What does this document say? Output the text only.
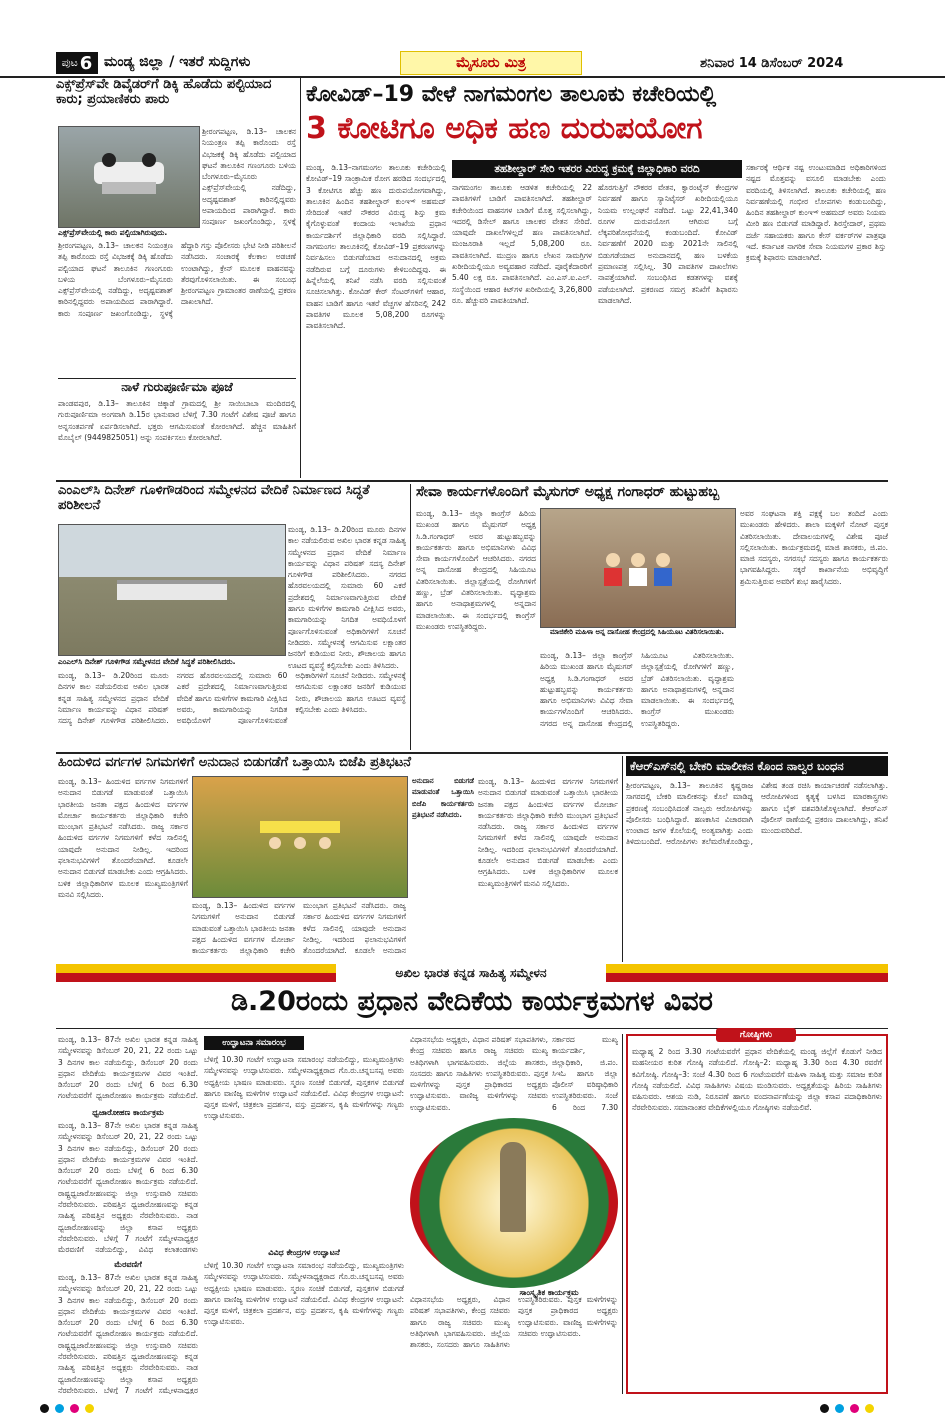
ಪುಟ 6 ಮಂಡ್ಯ ಜಿಲ್ಲಾ / ಇತರೆ ಸುದ್ದಿಗಳು	ಮೈಸೂರು ಮಿತ್ರ	ಶನಿವಾರ 14 ಡಿಸೆಂಬರ್ 2024
ಎಕ್ಸ್‌ಪ್ರೆಸ್‌ವೇ ಡಿವೈಡರ್‌ಗೆ ಡಿಕ್ಕಿ ಹೊಡೆದು ಪಲ್ಟಿಯಾದ ಕಾರು; ಪ್ರಯಾಣಿಕರು ಪಾರು
ಶ್ರೀರಂಗಪಟ್ಟಣ, ಡಿ.13– ಚಾಲಕನ ನಿಯಂತ್ರಣ ತಪ್ಪಿ ಕಾರೊಂದು ರಸ್ತೆ ವಿಭಜಕಕ್ಕೆ ಡಿಕ್ಕಿ ಹೊಡೆದು ಪಲ್ಟಿಯಾದ ಘಟನೆ ತಾಲೂಕಿನ ಗಣಂಗೂರು ಬಳಿಯ ಬೆಂಗಳೂರು–ಮೈಸೂರು ಎಕ್ಸ್‌ಪ್ರೆಸ್‌ವೇಯಲ್ಲಿ ನಡೆದಿದ್ದು, ಅದೃಷ್ಟವಶಾತ್ ಕಾರಿನಲ್ಲಿದ್ದವರು ಅಪಾಯದಿಂದ ಪಾರಾಗಿದ್ದಾರೆ. ಕಾರು ಸಂಪೂರ್ಣ ಜಖಂಗೊಂಡಿದ್ದು, ಸ್ಥಳಕ್ಕೆ
ಎಕ್ಸ್‌ಪ್ರೆಸ್‌ವೇಯಲ್ಲಿ ಕಾರು ಪಲ್ಟಿಯಾಗಿರುವುದು.
ಶ್ರೀರಂಗಪಟ್ಟಣ, ಡಿ.13– ಚಾಲಕನ ನಿಯಂತ್ರಣ ತಪ್ಪಿ ಕಾರೊಂದು ರಸ್ತೆ ವಿಭಜಕಕ್ಕೆ ಡಿಕ್ಕಿ ಹೊಡೆದು ಪಲ್ಟಿಯಾದ ಘಟನೆ ತಾಲೂಕಿನ ಗಣಂಗೂರು ಬಳಿಯ ಬೆಂಗಳೂರು–ಮೈಸೂರು ಎಕ್ಸ್‌ಪ್ರೆಸ್‌ವೇಯಲ್ಲಿ ನಡೆದಿದ್ದು, ಅದೃಷ್ಟವಶಾತ್ ಕಾರಿನಲ್ಲಿದ್ದವರು ಅಪಾಯದಿಂದ ಪಾರಾಗಿದ್ದಾರೆ. ಕಾರು ಸಂಪೂರ್ಣ ಜಖಂಗೊಂಡಿದ್ದು, ಸ್ಥಳಕ್ಕೆ ಹೆದ್ದಾರಿ ಗಸ್ತು ಪೊಲೀಸರು ಭೇಟಿ ನೀಡಿ ಪರಿಶೀಲನೆ ನಡೆಸಿದರು. ಸಂಚಾರಕ್ಕೆ ಕೆಲಕಾಲ ಅಡಚಣೆ ಉಂಟಾಗಿದ್ದು, ಕ್ರೇನ್ ಮೂಲಕ ವಾಹನವನ್ನು ತೆರವುಗೊಳಿಸಲಾಯಿತು. ಈ ಸಂಬಂಧ ಶ್ರೀರಂಗಪಟ್ಟಣ ಗ್ರಾಮಾಂತರ ಠಾಣೆಯಲ್ಲಿ ಪ್ರಕರಣ ದಾಖಲಾಗಿದೆ.
ನಾಳೆ ಗುರುಪೂರ್ಣಿಮಾ ಪೂಜೆ
ಪಾಂಡವಪುರ, ಡಿ.13– ತಾಲೂಕಿನ ಚಿಕ್ಕಾಡೆ ಗ್ರಾಮದಲ್ಲಿ ಶ್ರೀ ಸಾಯಿಬಾಬಾ ಮಂದಿರದಲ್ಲಿ ಗುರುಪೂರ್ಣಿಮಾ ಅಂಗವಾಗಿ ಡಿ.15ರ ಭಾನುವಾರ ಬೆಳಿಗ್ಗೆ 7.30 ಗಂಟೆಗೆ ವಿಶೇಷ ಪೂಜೆ ಹಾಗೂ ಅನ್ನಸಂತರ್ಪಣೆ ಏರ್ಪಡಿಸಲಾಗಿದೆ. ಭಕ್ತರು ಆಗಮಿಸುವಂತೆ ಕೋರಲಾಗಿದೆ. ಹೆಚ್ಚಿನ ಮಾಹಿತಿಗೆ ಮೊಬೈಲ್ (9449825051) ಅನ್ನು ಸಂಪರ್ಕಿಸಲು ಕೋರಲಾಗಿದೆ.
ಕೋವಿಡ್–19 ವೇಳೆ ನಾಗಮಂಗಲ ತಾಲೂಕು ಕಚೇರಿಯಲ್ಲಿ
3 ಕೋಟಿಗೂ ಅಧಿಕ ಹಣ ದುರುಪಯೋಗ
ತಹಶೀಲ್ದಾರ್ ಸೇರಿ ಇತರರ ವಿರುದ್ಧ ಕ್ರಮಕ್ಕೆ ಜಿಲ್ಲಾಧಿಕಾರಿ ವರದಿ
ಮಂಡ್ಯ, ಡಿ.13–ನಾಗಮಂಗಲ ತಾಲೂಕು ಕಚೇರಿಯಲ್ಲಿ ಕೋವಿಡ್–19 ಸಾಂಕ್ರಾಮಿಕ ರೋಗ ಹರಡಿದ ಸಂದರ್ಭದಲ್ಲಿ 3 ಕೋಟಿಗೂ ಹೆಚ್ಚು ಹಣ ದುರುಪಯೋಗವಾಗಿದ್ದು, ತಾಲೂಕಿನ ಹಿಂದಿನ ತಹಶೀಲ್ದಾರ್ ಕುಂಞ್ ಅಹಮದ್ ಸೇರಿದಂತೆ ಇತರೆ ನೌಕರರ ವಿರುದ್ಧ ಶಿಸ್ತು ಕ್ರಮ ಕೈಗೊಳ್ಳುವಂತೆ ಕಂದಾಯ ಇಲಾಖೆಯ ಪ್ರಧಾನ ಕಾರ್ಯದರ್ಶಿಗೆ ಜಿಲ್ಲಾಧಿಕಾರಿ ವರದಿ ಸಲ್ಲಿಸಿದ್ದಾರೆ. ನಾಗಮಂಗಲ ತಾಲೂಕಿನಲ್ಲಿ ಕೋವಿಡ್–19 ಪ್ರಕರಣಗಳನ್ನು ನಿರ್ವಹಿಸಲು ಬಿಡುಗಡೆಯಾದ ಅನುದಾನದಲ್ಲಿ ಅಕ್ರಮ ನಡೆದಿರುವ ಬಗ್ಗೆ ದೂರುಗಳು ಕೇಳಿಬಂದಿದ್ದವು. ಈ ಹಿನ್ನೆಲೆಯಲ್ಲಿ ತನಿಖೆ ನಡೆಸಿ ವರದಿ ಸಲ್ಲಿಸುವಂತೆ ಸೂಚಿಸಲಾಗಿತ್ತು. ಕೋವಿಡ್ ಕೇರ್ ಸೆಂಟರ್‌ಗಳಿಗೆ ಆಹಾರ, ವಾಹನ ಬಾಡಿಗೆ ಹಾಗೂ ಇತರೆ ವೆಚ್ಚಗಳ ಹೆಸರಿನಲ್ಲಿ 242 ಪಾವತಿಗಳ ಮೂಲಕ 5,08,200 ರೂಗಳನ್ನು ಪಾವತಿಸಲಾಗಿದೆ.
ನಾಗಮಂಗಲ ತಾಲೂಕು ಆಡಳಿತ ಕಚೇರಿಯಲ್ಲಿ 22 ಪಾವತಿಗಳಿಗೆ ಬಾಡಿಗೆ ಪಾವತಿಸಲಾಗಿದೆ. ತಹಶೀಲ್ದಾರ್ ಕಚೇರಿಯಿಂದ ವಾಹನಗಳ ಬಾಡಿಗೆ ಮೊತ್ತ ಸಲ್ಲಿಸಲಾಗಿದ್ದು, ಇದರಲ್ಲಿ ಡಿಸೇಲ್ ಹಾಗೂ ಚಾಲಕರ ವೇತನ ಸೇರಿದೆ. ಯಾವುದೇ ದಾಖಲೆಗಳಿಲ್ಲದೆ ಹಣ ಪಾವತಿಸಲಾಗಿದೆ. ಮಂಜೂರಾತಿ ಇಲ್ಲದೆ 5,08,200 ರೂ. ಪಾವತಿಸಲಾಗಿದೆ. ಮುದ್ರಣ ಹಾಗೂ ಲೇಖನ ಸಾಮಗ್ರಿಗಳ ಖರೀದಿಯಲ್ಲಿಯೂ ಅವ್ಯವಹಾರ ನಡೆದಿದೆ. ಪೂರೈಕೆದಾರರಿಗೆ 5.40 ಲಕ್ಷ ರೂ. ಪಾವತಿಸಲಾಗಿದೆ. ಎಂ.ಎಸ್.ಐ.ಎಲ್. ಸಂಸ್ಥೆಯಿಂದ ಆಹಾರ ಕಿಟ್‌ಗಳ ಖರೀದಿಯಲ್ಲಿ 3,26,800 ರೂ. ಹೆಚ್ಚುವರಿ ಪಾವತಿಯಾಗಿದೆ.
ಹೊರಗುತ್ತಿಗೆ ನೌಕರರ ವೇತನ, ಕ್ವಾರಂಟೈನ್ ಕೇಂದ್ರಗಳ ನಿರ್ವಹಣೆ ಹಾಗೂ ಸ್ಯಾನಿಟೈಸರ್ ಖರೀದಿಯಲ್ಲಿಯೂ ನಿಯಮ ಉಲ್ಲಂಘನೆ ನಡೆದಿದೆ. ಒಟ್ಟು 22,41,340 ರೂಗಳ ದುರುಪಯೋಗ ಆಗಿರುವ ಬಗ್ಗೆ ಲೆಕ್ಕಪರಿಶೋಧನೆಯಲ್ಲಿ ಕಂಡುಬಂದಿದೆ. ಕೋವಿಡ್ ನಿರ್ವಹಣೆಗೆ 2020 ಮತ್ತು 2021ನೇ ಸಾಲಿನಲ್ಲಿ ಬಿಡುಗಡೆಯಾದ ಅನುದಾನದಲ್ಲಿ ಹಣ ಬಳಕೆಯ ಪ್ರಮಾಣಪತ್ರ ಸಲ್ಲಿಸಿಲ್ಲ. 30 ಪಾವತಿಗಳ ದಾಖಲೆಗಳು ನಾಪತ್ತೆಯಾಗಿವೆ. ಸಂಬಂಧಿಸಿದ ಕಡತಗಳನ್ನು ವಶಕ್ಕೆ ಪಡೆಯಲಾಗಿದೆ. ಪ್ರಕರಣದ ಸಮಗ್ರ ತನಿಖೆಗೆ ಶಿಫಾರಸು ಮಾಡಲಾಗಿದೆ.
ಸರ್ಕಾರಕ್ಕೆ ಆರ್ಥಿಕ ನಷ್ಟ ಉಂಟುಮಾಡಿದ ಅಧಿಕಾರಿಗಳಿಂದ ನಷ್ಟದ ಮೊತ್ತವನ್ನು ವಸೂಲಿ ಮಾಡಬೇಕು ಎಂದು ವರದಿಯಲ್ಲಿ ತಿಳಿಸಲಾಗಿದೆ. ತಾಲೂಕು ಕಚೇರಿಯಲ್ಲಿ ಹಣ ನಿರ್ವಹಣೆಯಲ್ಲಿ ಗಂಭೀರ ಲೋಪಗಳು ಕಂಡುಬಂದಿದ್ದು, ಹಿಂದಿನ ತಹಶೀಲ್ದಾರ್ ಕುಂಞ್ ಅಹಮದ್ ಅವರು ನಿಯಮ ಮೀರಿ ಹಣ ಬಿಡುಗಡೆ ಮಾಡಿದ್ದಾರೆ. ಶಿರಸ್ತೇದಾರ್, ಪ್ರಥಮ ದರ್ಜೆ ಸಹಾಯಕರು ಹಾಗೂ ಕೇಸ್ ವರ್ಕರ್‌ಗಳ ಪಾತ್ರವೂ ಇದೆ. ಕರ್ನಾಟಕ ನಾಗರಿಕ ಸೇವಾ ನಿಯಮಗಳ ಪ್ರಕಾರ ಶಿಸ್ತು ಕ್ರಮಕ್ಕೆ ಶಿಫಾರಸು ಮಾಡಲಾಗಿದೆ.
ಎಂಎಲ್‌ಸಿ ದಿನೇಶ್ ಗೂಳಿಗೌಡರಿಂದ ಸಮ್ಮೇಳನದ ವೇದಿಕೆ ನಿರ್ಮಾಣದ ಸಿದ್ಧತೆ ಪರಿಶೀಲನೆ
ಮಂಡ್ಯ, ಡಿ.13– ಡಿ.20ರಿಂದ ಮೂರು ದಿನಗಳ ಕಾಲ ನಡೆಯಲಿರುವ ಅಖಿಲ ಭಾರತ ಕನ್ನಡ ಸಾಹಿತ್ಯ ಸಮ್ಮೇಳನದ ಪ್ರಧಾನ ವೇದಿಕೆ ನಿರ್ಮಾಣ ಕಾರ್ಯವನ್ನು ವಿಧಾನ ಪರಿಷತ್ ಸದಸ್ಯ ದಿನೇಶ್ ಗೂಳಿಗೌಡ ಪರಿಶೀಲಿಸಿದರು. ನಗರದ ಹೊರವಲಯದಲ್ಲಿ ಸುಮಾರು 60 ಎಕರೆ ಪ್ರದೇಶದಲ್ಲಿ ನಿರ್ಮಾಣವಾಗುತ್ತಿರುವ ವೇದಿಕೆ ಹಾಗೂ ಮಳಿಗೆಗಳ ಕಾಮಗಾರಿ ವೀಕ್ಷಿಸಿದ ಅವರು, ಕಾಮಗಾರಿಯನ್ನು ನಿಗದಿತ ಅವಧಿಯೊಳಗೆ ಪೂರ್ಣಗೊಳಿಸುವಂತೆ ಅಧಿಕಾರಿಗಳಿಗೆ ಸೂಚನೆ ನೀಡಿದರು. ಸಮ್ಮೇಳನಕ್ಕೆ ಆಗಮಿಸುವ ಲಕ್ಷಾಂತರ ಜನರಿಗೆ ಕುಡಿಯುವ ನೀರು, ಶೌಚಾಲಯ ಹಾಗೂ ಊಟದ ವ್ಯವಸ್ಥೆ ಕಲ್ಪಿಸಬೇಕು ಎಂದು ತಿಳಿಸಿದರು.
ಎಂಎಲ್‌ಸಿ ದಿನೇಶ್ ಗೂಳಿಗೌಡ ಸಮ್ಮೇಳನದ ವೇದಿಕೆ ಸಿದ್ಧತೆ ಪರಿಶೀಲಿಸಿದರು.
ಮಂಡ್ಯ, ಡಿ.13– ಡಿ.20ರಿಂದ ಮೂರು ದಿನಗಳ ಕಾಲ ನಡೆಯಲಿರುವ ಅಖಿಲ ಭಾರತ ಕನ್ನಡ ಸಾಹಿತ್ಯ ಸಮ್ಮೇಳನದ ಪ್ರಧಾನ ವೇದಿಕೆ ನಿರ್ಮಾಣ ಕಾರ್ಯವನ್ನು ವಿಧಾನ ಪರಿಷತ್ ಸದಸ್ಯ ದಿನೇಶ್ ಗೂಳಿಗೌಡ ಪರಿಶೀಲಿಸಿದರು. ನಗರದ ಹೊರವಲಯದಲ್ಲಿ ಸುಮಾರು 60 ಎಕರೆ ಪ್ರದೇಶದಲ್ಲಿ ನಿರ್ಮಾಣವಾಗುತ್ತಿರುವ ವೇದಿಕೆ ಹಾಗೂ ಮಳಿಗೆಗಳ ಕಾಮಗಾರಿ ವೀಕ್ಷಿಸಿದ ಅವರು, ಕಾಮಗಾರಿಯನ್ನು ನಿಗದಿತ ಅವಧಿಯೊಳಗೆ ಪೂರ್ಣಗೊಳಿಸುವಂತೆ ಅಧಿಕಾರಿಗಳಿಗೆ ಸೂಚನೆ ನೀಡಿದರು. ಸಮ್ಮೇಳನಕ್ಕೆ ಆಗಮಿಸುವ ಲಕ್ಷಾಂತರ ಜನರಿಗೆ ಕುಡಿಯುವ ನೀರು, ಶೌಚಾಲಯ ಹಾಗೂ ಊಟದ ವ್ಯವಸ್ಥೆ ಕಲ್ಪಿಸಬೇಕು ಎಂದು ತಿಳಿಸಿದರು.
ಸೇವಾ ಕಾರ್ಯಗಳೊಂದಿಗೆ ಮೈಸುಗರ್ ಅಧ್ಯಕ್ಷ ಗಂಗಾಧರ್ ಹುಟ್ಟುಹಬ್ಬ
ಮಂಡ್ಯ, ಡಿ.13– ಜಿಲ್ಲಾ ಕಾಂಗ್ರೆಸ್ ಹಿರಿಯ ಮುಖಂಡ ಹಾಗೂ ಮೈಷುಗರ್ ಅಧ್ಯಕ್ಷ ಸಿ.ಡಿ.ಗಂಗಾಧರ್ ಅವರ ಹುಟ್ಟುಹಬ್ಬವನ್ನು ಕಾರ್ಯಕರ್ತರು ಹಾಗೂ ಅಭಿಮಾನಿಗಳು ವಿವಿಧ ಸೇವಾ ಕಾರ್ಯಗಳೊಂದಿಗೆ ಆಚರಿಸಿದರು. ನಗರದ ಅನ್ನ ದಾಸೋಹ ಕೇಂದ್ರದಲ್ಲಿ ಸಿಹಿಯೂಟ ವಿತರಿಸಲಾಯಿತು. ಜಿಲ್ಲಾಸ್ಪತ್ರೆಯಲ್ಲಿ ರೋಗಿಗಳಿಗೆ ಹಣ್ಣು, ಬ್ರೆಡ್ ವಿತರಿಸಲಾಯಿತು. ವೃದ್ಧಾಶ್ರಮ ಹಾಗೂ ಅನಾಥಾಶ್ರಮಗಳಲ್ಲಿ ಅನ್ನದಾನ ಮಾಡಲಾಯಿತು. ಈ ಸಂದರ್ಭದಲ್ಲಿ ಕಾಂಗ್ರೆಸ್ ಮುಖಂಡರು ಉಪಸ್ಥಿತರಿದ್ದರು.
ಮಾಜಿಕೇರಿ ಮಹಿಳಾ ಅನ್ನ ದಾಸೋಹ ಕೇಂದ್ರದಲ್ಲಿ ಸಿಹಿಯೂಟ ವಿತರಿಸಲಾಯಿತು.
ಮಂಡ್ಯ, ಡಿ.13– ಜಿಲ್ಲಾ ಕಾಂಗ್ರೆಸ್ ಹಿರಿಯ ಮುಖಂಡ ಹಾಗೂ ಮೈಷುಗರ್ ಅಧ್ಯಕ್ಷ ಸಿ.ಡಿ.ಗಂಗಾಧರ್ ಅವರ ಹುಟ್ಟುಹಬ್ಬವನ್ನು ಕಾರ್ಯಕರ್ತರು ಹಾಗೂ ಅಭಿಮಾನಿಗಳು ವಿವಿಧ ಸೇವಾ ಕಾರ್ಯಗಳೊಂದಿಗೆ ಆಚರಿಸಿದರು. ನಗರದ ಅನ್ನ ದಾಸೋಹ ಕೇಂದ್ರದಲ್ಲಿ ಸಿಹಿಯೂಟ ವಿತರಿಸಲಾಯಿತು. ಜಿಲ್ಲಾಸ್ಪತ್ರೆಯಲ್ಲಿ ರೋಗಿಗಳಿಗೆ ಹಣ್ಣು, ಬ್ರೆಡ್ ವಿತರಿಸಲಾಯಿತು. ವೃದ್ಧಾಶ್ರಮ ಹಾಗೂ ಅನಾಥಾಶ್ರಮಗಳಲ್ಲಿ ಅನ್ನದಾನ ಮಾಡಲಾಯಿತು. ಈ ಸಂದರ್ಭದಲ್ಲಿ ಕಾಂಗ್ರೆಸ್ ಮುಖಂಡರು ಉಪಸ್ಥಿತರಿದ್ದರು.
ಅವರ ಸಂಘಟನಾ ಶಕ್ತಿ ಪಕ್ಷಕ್ಕೆ ಬಲ ತಂದಿದೆ ಎಂದು ಮುಖಂಡರು ಹೇಳಿದರು. ಶಾಲಾ ಮಕ್ಕಳಿಗೆ ನೋಟ್ ಪುಸ್ತಕ ವಿತರಿಸಲಾಯಿತು. ದೇವಾಲಯಗಳಲ್ಲಿ ವಿಶೇಷ ಪೂಜೆ ಸಲ್ಲಿಸಲಾಯಿತು. ಕಾರ್ಯಕ್ರಮದಲ್ಲಿ ಮಾಜಿ ಶಾಸಕರು, ಜಿ.ಪಂ. ಮಾಜಿ ಸದಸ್ಯರು, ನಗರಸಭೆ ಸದಸ್ಯರು ಹಾಗೂ ಕಾರ್ಯಕರ್ತರು ಭಾಗವಹಿಸಿದ್ದರು. ಸಕ್ಕರೆ ಕಾರ್ಖಾನೆಯ ಅಭಿವೃದ್ಧಿಗೆ ಶ್ರಮಿಸುತ್ತಿರುವ ಅವರಿಗೆ ಶುಭ ಹಾರೈಸಿದರು.
ಹಿಂದುಳಿದ ವರ್ಗಗಳ ನಿಗಮಗಳಿಗೆ ಅನುದಾನ ಬಿಡುಗಡೆಗೆ ಒತ್ತಾಯಿಸಿ ಬಿಜೆಪಿ ಪ್ರತಿಭಟನೆ
ಮಂಡ್ಯ, ಡಿ.13– ಹಿಂದುಳಿದ ವರ್ಗಗಳ ನಿಗಮಗಳಿಗೆ ಅನುದಾನ ಬಿಡುಗಡೆ ಮಾಡುವಂತೆ ಒತ್ತಾಯಿಸಿ ಭಾರತೀಯ ಜನತಾ ಪಕ್ಷದ ಹಿಂದುಳಿದ ವರ್ಗಗಳ ಮೋರ್ಚಾ ಕಾರ್ಯಕರ್ತರು ಜಿಲ್ಲಾಧಿಕಾರಿ ಕಚೇರಿ ಮುಂಭಾಗ ಪ್ರತಿಭಟನೆ ನಡೆಸಿದರು. ರಾಜ್ಯ ಸರ್ಕಾರ ಹಿಂದುಳಿದ ವರ್ಗಗಳ ನಿಗಮಗಳಿಗೆ ಕಳೆದ ಸಾಲಿನಲ್ಲಿ ಯಾವುದೇ ಅನುದಾನ ನೀಡಿಲ್ಲ. ಇದರಿಂದ ಫಲಾನುಭವಿಗಳಿಗೆ ತೊಂದರೆಯಾಗಿದೆ. ಕೂಡಲೇ ಅನುದಾನ ಬಿಡುಗಡೆ ಮಾಡಬೇಕು ಎಂದು ಆಗ್ರಹಿಸಿದರು. ಬಳಿಕ ಜಿಲ್ಲಾಧಿಕಾರಿಗಳ ಮೂಲಕ ಮುಖ್ಯಮಂತ್ರಿಗಳಿಗೆ ಮನವಿ ಸಲ್ಲಿಸಿದರು.
ಅನುದಾನ ಬಿಡುಗಡೆ ಮಾಡುವಂತೆ ಒತ್ತಾಯಿಸಿ ಬಿಜೆಪಿ ಕಾರ್ಯಕರ್ತರು ಪ್ರತಿಭಟನೆ ನಡೆಸಿದರು.
ಮಂಡ್ಯ, ಡಿ.13– ಹಿಂದುಳಿದ ವರ್ಗಗಳ ನಿಗಮಗಳಿಗೆ ಅನುದಾನ ಬಿಡುಗಡೆ ಮಾಡುವಂತೆ ಒತ್ತಾಯಿಸಿ ಭಾರತೀಯ ಜನತಾ ಪಕ್ಷದ ಹಿಂದುಳಿದ ವರ್ಗಗಳ ಮೋರ್ಚಾ ಕಾರ್ಯಕರ್ತರು ಜಿಲ್ಲಾಧಿಕಾರಿ ಕಚೇರಿ ಮುಂಭಾಗ ಪ್ರತಿಭಟನೆ ನಡೆಸಿದರು. ರಾಜ್ಯ ಸರ್ಕಾರ ಹಿಂದುಳಿದ ವರ್ಗಗಳ ನಿಗಮಗಳಿಗೆ ಕಳೆದ ಸಾಲಿನಲ್ಲಿ ಯಾವುದೇ ಅನುದಾನ ನೀಡಿಲ್ಲ. ಇದರಿಂದ ಫಲಾನುಭವಿಗಳಿಗೆ ತೊಂದರೆಯಾಗಿದೆ. ಕೂಡಲೇ ಅನುದಾನ
ಮಂಡ್ಯ, ಡಿ.13– ಹಿಂದುಳಿದ ವರ್ಗಗಳ ನಿಗಮಗಳಿಗೆ ಅನುದಾನ ಬಿಡುಗಡೆ ಮಾಡುವಂತೆ ಒತ್ತಾಯಿಸಿ ಭಾರತೀಯ ಜನತಾ ಪಕ್ಷದ ಹಿಂದುಳಿದ ವರ್ಗಗಳ ಮೋರ್ಚಾ ಕಾರ್ಯಕರ್ತರು ಜಿಲ್ಲಾಧಿಕಾರಿ ಕಚೇರಿ ಮುಂಭಾಗ ಪ್ರತಿಭಟನೆ ನಡೆಸಿದರು. ರಾಜ್ಯ ಸರ್ಕಾರ ಹಿಂದುಳಿದ ವರ್ಗಗಳ ನಿಗಮಗಳಿಗೆ ಕಳೆದ ಸಾಲಿನಲ್ಲಿ ಯಾವುದೇ ಅನುದಾನ ನೀಡಿಲ್ಲ. ಇದರಿಂದ ಫಲಾನುಭವಿಗಳಿಗೆ ತೊಂದರೆಯಾಗಿದೆ. ಕೂಡಲೇ ಅನುದಾನ ಬಿಡುಗಡೆ ಮಾಡಬೇಕು ಎಂದು ಆಗ್ರಹಿಸಿದರು. ಬಳಿಕ ಜಿಲ್ಲಾಧಿಕಾರಿಗಳ ಮೂಲಕ ಮುಖ್ಯಮಂತ್ರಿಗಳಿಗೆ ಮನವಿ ಸಲ್ಲಿಸಿದರು.
ಕೆಆರ್‌ಎಸ್‌ನಲ್ಲಿ ಬೇಕರಿ ಮಾಲೀಕನ ಕೊಂದ ನಾಲ್ವರ ಬಂಧನ
ಶ್ರೀರಂಗಪಟ್ಟಣ, ಡಿ.13– ತಾಲೂಕಿನ ಕೃಷ್ಣರಾಜ ಸಾಗರದಲ್ಲಿ ಬೇಕರಿ ಮಾಲೀಕನನ್ನು ಕೊಲೆ ಮಾಡಿದ್ದ ಪ್ರಕರಣಕ್ಕೆ ಸಂಬಂಧಿಸಿದಂತೆ ನಾಲ್ವರು ಆರೋಪಿಗಳನ್ನು ಪೊಲೀಸರು ಬಂಧಿಸಿದ್ದಾರೆ. ಹಣಕಾಸಿನ ವಿಚಾರವಾಗಿ ಉಂಟಾದ ಜಗಳ ಕೊಲೆಯಲ್ಲಿ ಅಂತ್ಯವಾಗಿತ್ತು ಎಂದು ತಿಳಿದುಬಂದಿದೆ. ಆರೋಪಿಗಳು ತಲೆಮರೆಸಿಕೊಂಡಿದ್ದು, ವಿಶೇಷ ತಂಡ ರಚಿಸಿ ಕಾರ್ಯಾಚರಣೆ ನಡೆಸಲಾಗಿತ್ತು. ಆರೋಪಿಗಳಿಂದ ಕೃತ್ಯಕ್ಕೆ ಬಳಸಿದ ಮಾರಕಾಸ್ತ್ರಗಳು ಹಾಗೂ ಬೈಕ್ ವಶಪಡಿಸಿಕೊಳ್ಳಲಾಗಿದೆ. ಕೆಆರ್‌ಎಸ್ ಪೊಲೀಸ್ ಠಾಣೆಯಲ್ಲಿ ಪ್ರಕರಣ ದಾಖಲಾಗಿದ್ದು, ತನಿಖೆ ಮುಂದುವರಿದಿದೆ.
ಅಖಿಲ ಭಾರತ ಕನ್ನಡ ಸಾಹಿತ್ಯ ಸಮ್ಮೇಳನ
ಡಿ.20ರಂದು ಪ್ರಧಾನ ವೇದಿಕೆಯ ಕಾರ್ಯಕ್ರಮಗಳ ವಿವರ
ಮಂಡ್ಯ, ಡಿ.13– 87ನೇ ಅಖಿಲ ಭಾರತ ಕನ್ನಡ ಸಾಹಿತ್ಯ ಸಮ್ಮೇಳನವನ್ನು ಡಿಸೆಂಬರ್ 20, 21, 22 ರಂದು ಒಟ್ಟು 3 ದಿನಗಳ ಕಾಲ ನಡೆಯಲಿದ್ದು, ಡಿಸೆಂಬರ್ 20 ರಂದು ಪ್ರಧಾನ ವೇದಿಕೆಯ ಕಾರ್ಯಕ್ರಮಗಳ ವಿವರ ಇಂತಿದೆ. ಡಿಸೆಂಬರ್ 20 ರಂದು ಬೆಳಿಗ್ಗೆ 6 ರಿಂದ 6.30 ಗಂಟೆಯವರೆಗೆ ಧ್ವಜಾರೋಹಣ ಕಾರ್ಯಕ್ರಮ ನಡೆಯಲಿದೆ.
ಧ್ವಜಾರೋಹಣ ಕಾರ್ಯಕ್ರಮ
ಮಂಡ್ಯ, ಡಿ.13– 87ನೇ ಅಖಿಲ ಭಾರತ ಕನ್ನಡ ಸಾಹಿತ್ಯ ಸಮ್ಮೇಳನವನ್ನು ಡಿಸೆಂಬರ್ 20, 21, 22 ರಂದು ಒಟ್ಟು 3 ದಿನಗಳ ಕಾಲ ನಡೆಯಲಿದ್ದು, ಡಿಸೆಂಬರ್ 20 ರಂದು ಪ್ರಧಾನ ವೇದಿಕೆಯ ಕಾರ್ಯಕ್ರಮಗಳ ವಿವರ ಇಂತಿದೆ. ಡಿಸೆಂಬರ್ 20 ರಂದು ಬೆಳಿಗ್ಗೆ 6 ರಿಂದ 6.30 ಗಂಟೆಯವರೆಗೆ ಧ್ವಜಾರೋಹಣ ಕಾರ್ಯಕ್ರಮ ನಡೆಯಲಿದೆ. ರಾಷ್ಟ್ರಧ್ವಜಾರೋಹಣವನ್ನು ಜಿಲ್ಲಾ ಉಸ್ತುವಾರಿ ಸಚಿವರು ನೆರವೇರಿಸುವರು. ಪರಿಷತ್ತಿನ ಧ್ವಜಾರೋಹಣವನ್ನು ಕನ್ನಡ ಸಾಹಿತ್ಯ ಪರಿಷತ್ತಿನ ಅಧ್ಯಕ್ಷರು ನೆರವೇರಿಸುವರು. ನಾಡ ಧ್ವಜಾರೋಹಣವನ್ನು ಜಿಲ್ಲಾ ಕಸಾಪ ಅಧ್ಯಕ್ಷರು ನೆರವೇರಿಸುವರು. ಬೆಳಿಗ್ಗೆ 7 ಗಂಟೆಗೆ ಸಮ್ಮೇಳನಾಧ್ಯಕ್ಷರ ಮೆರವಣಿಗೆ ನಡೆಯಲಿದ್ದು, ವಿವಿಧ ಕಲಾತಂಡಗಳು
ಮೆರವಣಿಗೆ
ಮಂಡ್ಯ, ಡಿ.13– 87ನೇ ಅಖಿಲ ಭಾರತ ಕನ್ನಡ ಸಾಹಿತ್ಯ ಸಮ್ಮೇಳನವನ್ನು ಡಿಸೆಂಬರ್ 20, 21, 22 ರಂದು ಒಟ್ಟು 3 ದಿನಗಳ ಕಾಲ ನಡೆಯಲಿದ್ದು, ಡಿಸೆಂಬರ್ 20 ರಂದು ಪ್ರಧಾನ ವೇದಿಕೆಯ ಕಾರ್ಯಕ್ರಮಗಳ ವಿವರ ಇಂತಿದೆ. ಡಿಸೆಂಬರ್ 20 ರಂದು ಬೆಳಿಗ್ಗೆ 6 ರಿಂದ 6.30 ಗಂಟೆಯವರೆಗೆ ಧ್ವಜಾರೋಹಣ ಕಾರ್ಯಕ್ರಮ ನಡೆಯಲಿದೆ. ರಾಷ್ಟ್ರಧ್ವಜಾರೋಹಣವನ್ನು ಜಿಲ್ಲಾ ಉಸ್ತುವಾರಿ ಸಚಿವರು ನೆರವೇರಿಸುವರು. ಪರಿಷತ್ತಿನ ಧ್ವಜಾರೋಹಣವನ್ನು ಕನ್ನಡ ಸಾಹಿತ್ಯ ಪರಿಷತ್ತಿನ ಅಧ್ಯಕ್ಷರು ನೆರವೇರಿಸುವರು. ನಾಡ ಧ್ವಜಾರೋಹಣವನ್ನು ಜಿಲ್ಲಾ ಕಸಾಪ ಅಧ್ಯಕ್ಷರು ನೆರವೇರಿಸುವರು. ಬೆಳಿಗ್ಗೆ 7 ಗಂಟೆಗೆ ಸಮ್ಮೇಳನಾಧ್ಯಕ್ಷರ
ಉದ್ಘಾಟನಾ ಸಮಾರಂಭ
ಬೆಳಿಗ್ಗೆ 10.30 ಗಂಟೆಗೆ ಉದ್ಘಾಟನಾ ಸಮಾರಂಭ ನಡೆಯಲಿದ್ದು, ಮುಖ್ಯಮಂತ್ರಿಗಳು ಸಮ್ಮೇಳನವನ್ನು ಉದ್ಘಾಟಿಸುವರು. ಸಮ್ಮೇಳನಾಧ್ಯಕ್ಷರಾದ ಗೊ.ರು.ಚನ್ನಬಸಪ್ಪ ಅವರು ಅಧ್ಯಕ್ಷೀಯ ಭಾಷಣ ಮಾಡುವರು. ಸ್ಮರಣ ಸಂಚಿಕೆ ಬಿಡುಗಡೆ, ಪುಸ್ತಕಗಳ ಬಿಡುಗಡೆ ಹಾಗೂ ವಾಣಿಜ್ಯ ಮಳಿಗೆಗಳ ಉದ್ಘಾಟನೆ ನಡೆಯಲಿದೆ. ವಿವಿಧ ಕೇಂದ್ರಗಳ ಉದ್ಘಾಟನೆ: ಪುಸ್ತಕ ಮಳಿಗೆ, ಚಿತ್ರಕಲಾ ಪ್ರದರ್ಶನ, ವಸ್ತು ಪ್ರದರ್ಶನ, ಕೃಷಿ ಮಳಿಗೆಗಳನ್ನು ಗಣ್ಯರು ಉದ್ಘಾಟಿಸುವರು.
ವಿವಿಧ ಕೇಂದ್ರಗಳ ಉದ್ಘಾಟನೆ
ಬೆಳಿಗ್ಗೆ 10.30 ಗಂಟೆಗೆ ಉದ್ಘಾಟನಾ ಸಮಾರಂಭ ನಡೆಯಲಿದ್ದು, ಮುಖ್ಯಮಂತ್ರಿಗಳು ಸಮ್ಮೇಳನವನ್ನು ಉದ್ಘಾಟಿಸುವರು. ಸಮ್ಮೇಳನಾಧ್ಯಕ್ಷರಾದ ಗೊ.ರು.ಚನ್ನಬಸಪ್ಪ ಅವರು ಅಧ್ಯಕ್ಷೀಯ ಭಾಷಣ ಮಾಡುವರು. ಸ್ಮರಣ ಸಂಚಿಕೆ ಬಿಡುಗಡೆ, ಪುಸ್ತಕಗಳ ಬಿಡುಗಡೆ ಹಾಗೂ ವಾಣಿಜ್ಯ ಮಳಿಗೆಗಳ ಉದ್ಘಾಟನೆ ನಡೆಯಲಿದೆ. ವಿವಿಧ ಕೇಂದ್ರಗಳ ಉದ್ಘಾಟನೆ: ಪುಸ್ತಕ ಮಳಿಗೆ, ಚಿತ್ರಕಲಾ ಪ್ರದರ್ಶನ, ವಸ್ತು ಪ್ರದರ್ಶನ, ಕೃಷಿ ಮಳಿಗೆಗಳನ್ನು ಗಣ್ಯರು ಉದ್ಘಾಟಿಸುವರು.
ವಿಧಾನಸಭೆಯ ಅಧ್ಯಕ್ಷರು, ವಿಧಾನ ಪರಿಷತ್ ಸಭಾಪತಿಗಳು, ಕೇಂದ್ರ ಸಚಿವರು ಹಾಗೂ ರಾಜ್ಯ ಸಚಿವರು ಮುಖ್ಯ ಅತಿಥಿಗಳಾಗಿ ಭಾಗವಹಿಸುವರು. ಜಿಲ್ಲೆಯ ಶಾಸಕರು, ಸಂಸದರು ಹಾಗೂ ಸಾಹಿತಿಗಳು ಉಪಸ್ಥಿತರಿರುವರು. ಪುಸ್ತಕ ಮಳಿಗೆಗಳನ್ನು ಪುಸ್ತಕ ಪ್ರಾಧಿಕಾರದ ಅಧ್ಯಕ್ಷರು ಉದ್ಘಾಟಿಸುವರು. ವಾಣಿಜ್ಯ ಮಳಿಗೆಗಳನ್ನು ಸಚಿವರು ಉದ್ಘಾಟಿಸುವರು.
ವಿಧಾನಸಭೆಯ ಅಧ್ಯಕ್ಷರು, ವಿಧಾನ ಪರಿಷತ್ ಸಭಾಪತಿಗಳು, ಕೇಂದ್ರ ಸಚಿವರು ಹಾಗೂ ರಾಜ್ಯ ಸಚಿವರು ಮುಖ್ಯ ಅತಿಥಿಗಳಾಗಿ ಭಾಗವಹಿಸುವರು. ಜಿಲ್ಲೆಯ ಶಾಸಕರು, ಸಂಸದರು ಹಾಗೂ ಸಾಹಿತಿಗಳು ಉಪಸ್ಥಿತರಿರುವರು. ಪುಸ್ತಕ ಮಳಿಗೆಗಳನ್ನು ಪುಸ್ತಕ ಪ್ರಾಧಿಕಾರದ ಅಧ್ಯಕ್ಷರು ಉದ್ಘಾಟಿಸುವರು. ವಾಣಿಜ್ಯ ಮಳಿಗೆಗಳನ್ನು ಸಚಿವರು ಉದ್ಘಾಟಿಸುವರು.
ಸರ್ಕಾರದ ಮುಖ್ಯ ಕಾರ್ಯದರ್ಶಿ, ಜಿಲ್ಲಾಧಿಕಾರಿ, ಜಿ.ಪಂ. ಸಿಇಓ ಹಾಗೂ ಜಿಲ್ಲಾ ಪೊಲೀಸ್ ವರಿಷ್ಠಾಧಿಕಾರಿ ಉಪಸ್ಥಿತರಿರುವರು. ಸಂಜೆ 6 ರಿಂದ 7.30
ಸಾಂಸ್ಕೃತಿಕ ಕಾರ್ಯಕ್ರಮ
ಗೋಷ್ಠಿಗಳು
ಮಧ್ಯಾಹ್ನ 2 ರಿಂದ 3.30 ಗಂಟೆಯವರೆಗೆ ಪ್ರಧಾನ ವೇದಿಕೆಯಲ್ಲಿ ಮಂಡ್ಯ ಜಿಲ್ಲೆಗೆ ಕೊಡುಗೆ ನೀಡಿದ ಮಹನೀಯರ ಕುರಿತ ಗೋಷ್ಠಿ ನಡೆಯಲಿದೆ. ಗೋಷ್ಠಿ–2: ಮಧ್ಯಾಹ್ನ 3.30 ರಿಂದ 4.30 ರವರೆಗೆ ಕವಿಗೋಷ್ಠಿ. ಗೋಷ್ಠಿ–3: ಸಂಜೆ 4.30 ರಿಂದ 6 ಗಂಟೆಯವರೆಗೆ ಮಹಿಳಾ ಸಾಹಿತ್ಯ ಮತ್ತು ಸಮಾಜ ಕುರಿತ ಗೋಷ್ಠಿ ನಡೆಯಲಿದೆ. ವಿವಿಧ ಸಾಹಿತಿಗಳು ವಿಷಯ ಮಂಡಿಸುವರು. ಅಧ್ಯಕ್ಷತೆಯನ್ನು ಹಿರಿಯ ಸಾಹಿತಿಗಳು ವಹಿಸುವರು. ಆಶಯ ನುಡಿ, ನಿರೂಪಣೆ ಹಾಗೂ ವಂದನಾರ್ಪಣೆಯನ್ನು ಜಿಲ್ಲಾ ಕಸಾಪ ಪದಾಧಿಕಾರಿಗಳು ನೆರವೇರಿಸುವರು. ಸಮಾನಾಂತರ ವೇದಿಕೆಗಳಲ್ಲಿಯೂ ಗೋಷ್ಠಿಗಳು ನಡೆಯಲಿವೆ.
